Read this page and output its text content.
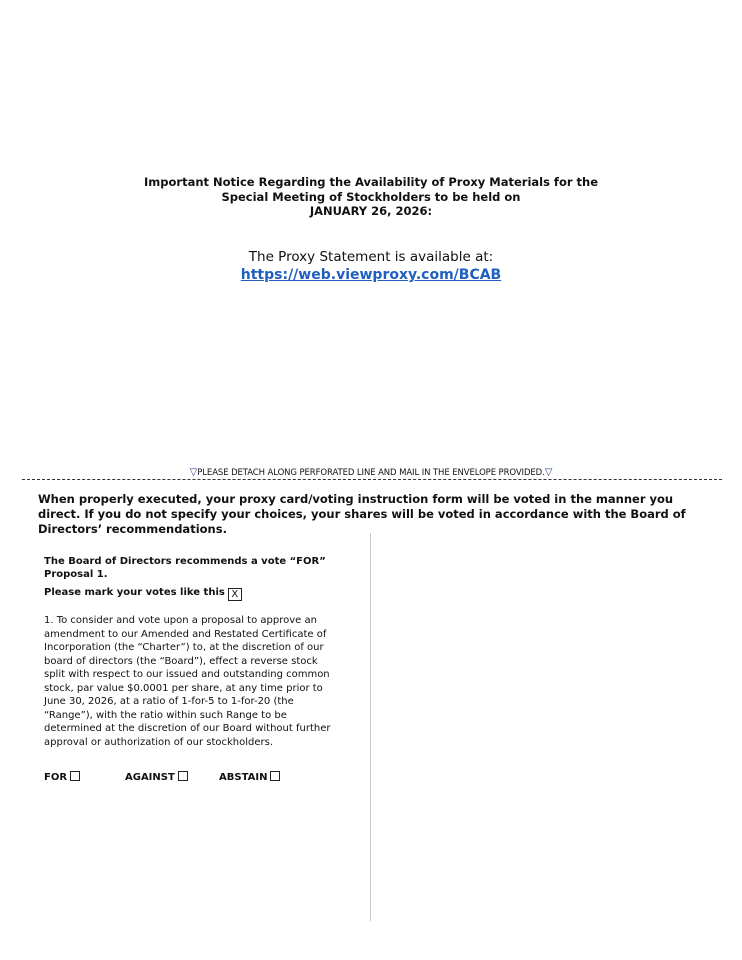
Important Notice Regarding the Availability of Proxy Materials for the
Special Meeting of Stockholders to be held on
JANUARY 26, 2026:
The Proxy Statement is available at:
https://web.viewproxy.com/BCAB
▽PLEASE DETACH ALONG PERFORATED LINE AND MAIL IN THE ENVELOPE PROVIDED.▽
When properly executed, your proxy card/voting instruction form will be voted in the manner you direct. If you do not specify your choices, your shares will be voted in accordance with the Board of Directors’ recommendations.
The Board of Directors recommends a vote “FOR” Proposal 1.
Please mark your votes like this X
1. To consider and vote upon a proposal to approve an amendment to our Amended and Restated Certificate of Incorporation (the “Charter”) to, at the discretion of our board of directors (the “Board”), effect a reverse stock split with respect to our issued and outstanding common stock, par value $0.0001 per share, at any time prior to June 30, 2026, at a ratio of 1-for-5 to 1-for-20 (the “Range”), with the ratio within such Range to be determined at the discretion of our Board without further approval or authorization of our stockholders.
FOR	AGAINST	ABSTAIN
